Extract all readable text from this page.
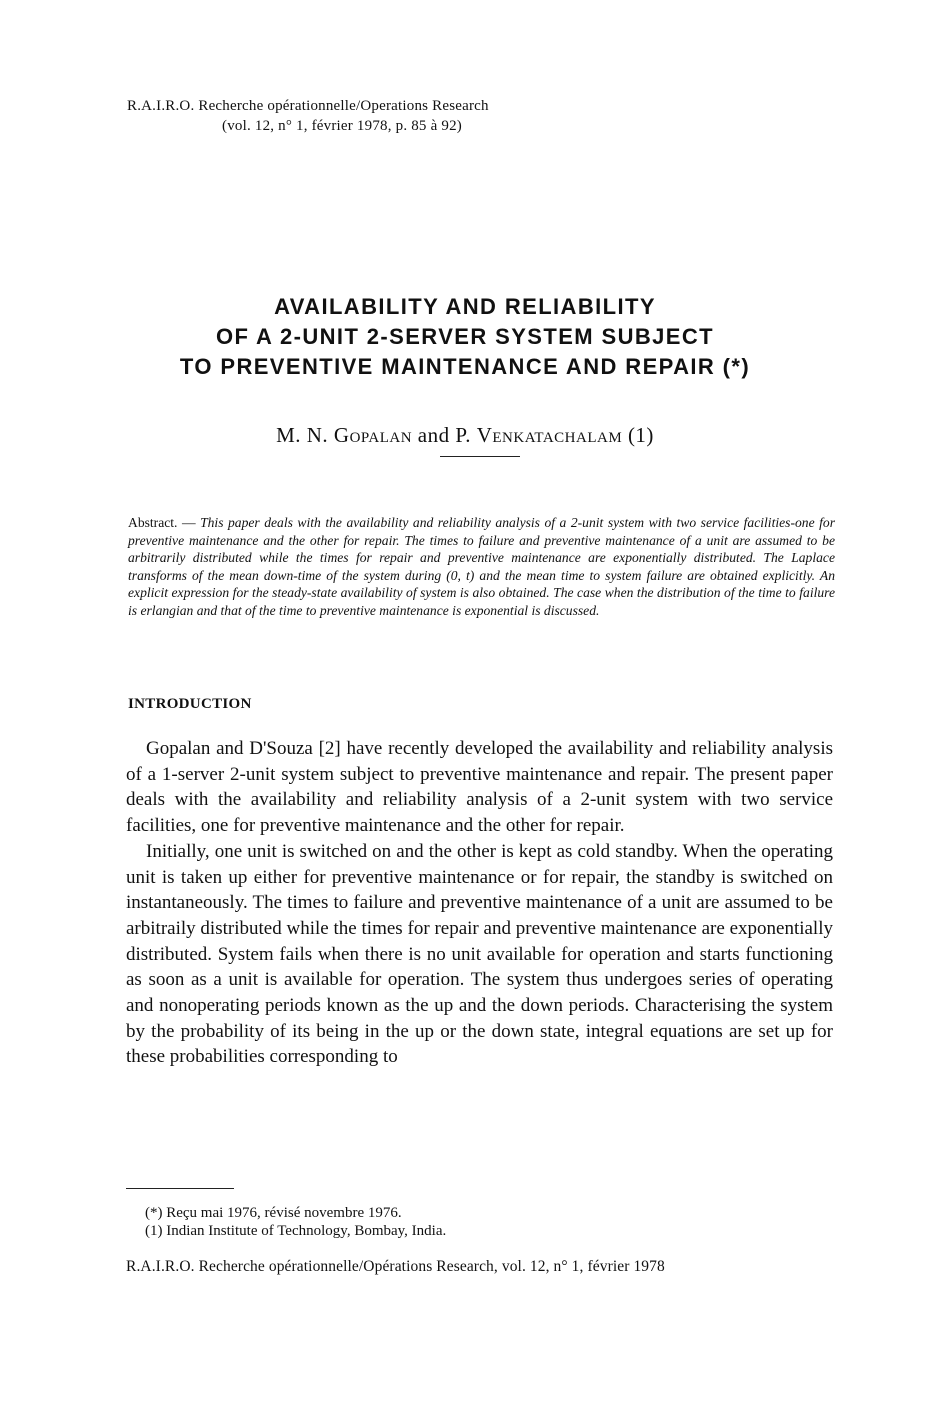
R.A.I.R.O. Recherche opérationnelle/Operations Research
(vol. 12, n° 1, février 1978, p. 85 à 92)
AVAILABILITY AND RELIABILITY
OF A 2-UNIT 2-SERVER SYSTEM SUBJECT
TO PREVENTIVE MAINTENANCE AND REPAIR (*)
M. N. Gopalan and P. Venkatachalam (1)
Abstract. — This paper deals with the availability and reliability analysis of a 2-unit system with two service facilities-one for preventive maintenance and the other for repair. The times to failure and preventive maintenance of a unit are assumed to be arbitrarily distributed while the times for repair and preventive maintenance are exponentially distributed. The Laplace transforms of the mean down-time of the system during (0, t) and the mean time to system failure are obtained explicitly. An explicit expression for the steady-state availability of system is also obtained. The case when the distribution of the time to failure is erlangian and that of the time to preventive maintenance is exponential is discussed.
INTRODUCTION

Gopalan and D'Souza [2] have recently developed the availability and reliability analysis of a 1-server 2-unit system subject to preventive maintenance and repair. The present paper deals with the availability and reliability analysis of a 2-unit system with two service facilities, one for preventive maintenance and the other for repair.

Initially, one unit is switched on and the other is kept as cold standby. When the operating unit is taken up either for preventive maintenance or for repair, the standby is switched on instantaneously. The times to failure and preventive maintenance of a unit are assumed to be arbitraily distributed while the times for repair and preventive maintenance are exponentially distributed. System fails when there is no unit available for operation and starts functioning as soon as a unit is available for operation. The system thus undergoes series of operating and nonoperating periods known as the up and the down periods. Characterising the system by the probability of its being in the up or the down state, integral equations are set up for these probabilities corresponding to

(*) Reçu mai 1976, révisé novembre 1976.
(1) Indian Institute of Technology, Bombay, India.
R.A.I.R.O. Recherche opérationnelle/Opérations Research, vol. 12, n° 1, février 1978
